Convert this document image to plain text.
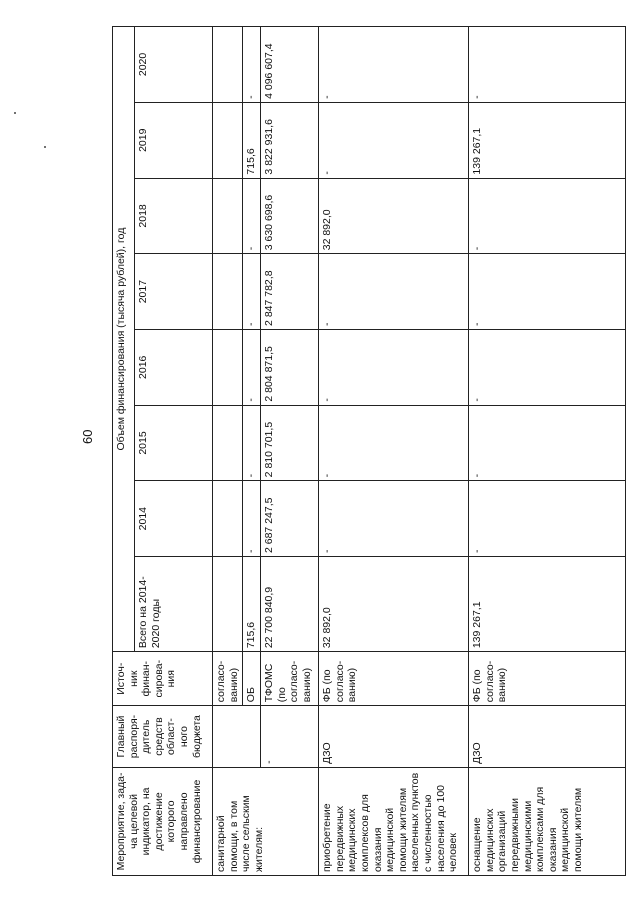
60
Мероприятие, зада-ча целевой индикатор, на достижение которого направлено финансирование	Главный распоря-дитель средств област-ного бюджета	Источ-ник финан-сирова-ния	Объем финансирования (тысяча рублей), год							
			Всего на 2014-2020 годы	2014	2015	2016	2017	2018	2019	2020
санитарной помощи, в том числе сельским жителям:		согласо-ванию)								
		ОБ	715,6	-	-	-	-	-	715,6	-
	-	ТФОМС (по согласо-ванию)	22 700 840,9	2 687 247,5	2 810 701,5	2 804 871,5	2 847 782,8	3 630 698,6	3 822 931,6	4 096 607,4
приобретение передвижных медицинских комплексов для оказания медицинской помощи жителям населенных пунктов с численностью населения до 100 человек	ДЗО	ФБ (по согласо-ванию)	32 892,0	-	-	-	-	32 892,0	-	-
оснащение медицинских организаций передвижными медицинскими комплексами для оказания медицинской помощи жителям	ДЗО	ФБ (по согласо-ванию)	139 267,1	-	-	-	-	-	139 267,1	-
